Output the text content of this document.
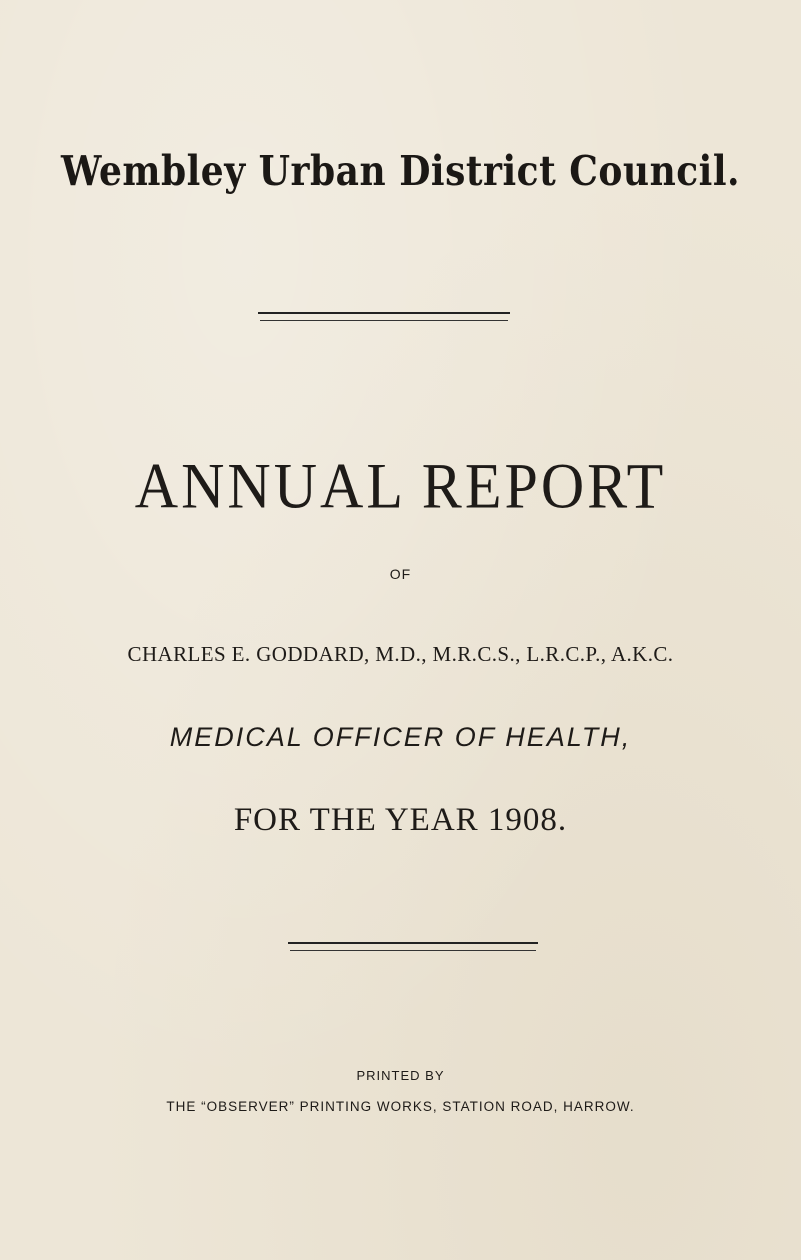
Wembley Urban District Council.
ANNUAL REPORT
OF
CHARLES E. GODDARD, M.D., M.R.C.S., L.R.C.P., A.K.C.
MEDICAL OFFICER OF HEALTH,
FOR THE YEAR 1908.
PRINTED BY
THE “OBSERVER” PRINTING WORKS, STATION ROAD, HARROW.
